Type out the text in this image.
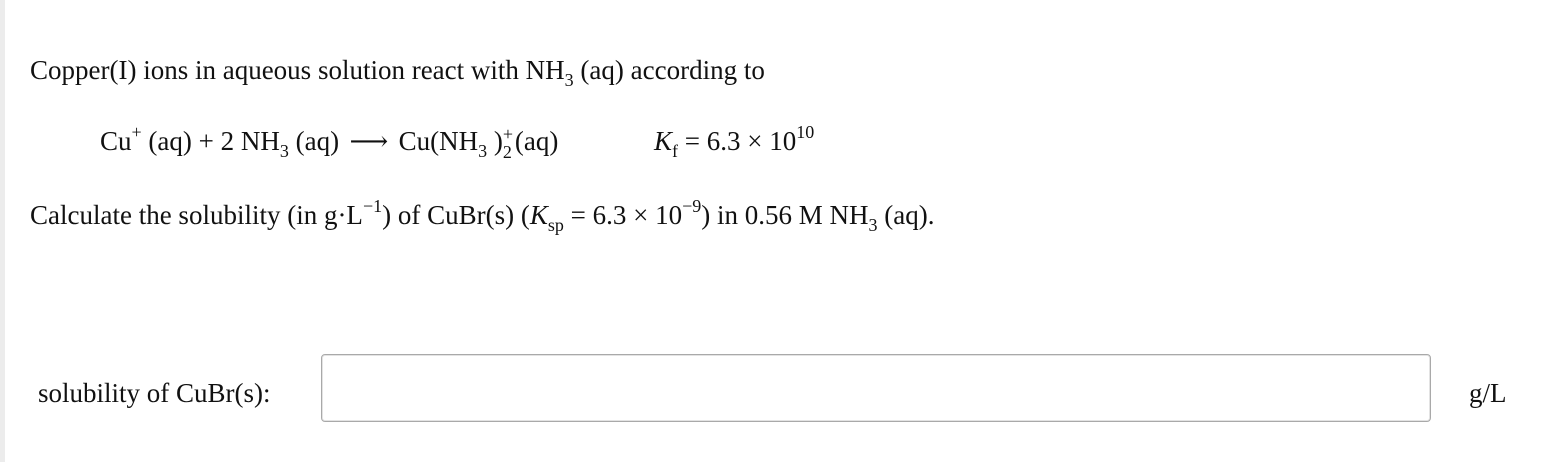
Copper(I) ions in aqueous solution react with $NH_3$ (aq) according to
Cu+ (aq) + 2 $NH_3$ (aq) ⟶ $Cu(NH_3$ ) +
2 (aq)	$K_f = 6.3 \times 10^{10}$
Calculate the solubility (in $g\cdot L^{-1}$) of CuBr(s) $(K_{sp} = 6.3 \times 10^{-9})$ in 0.56 M $NH_3$ (aq).
solubility of CuBr(s):	g/L
